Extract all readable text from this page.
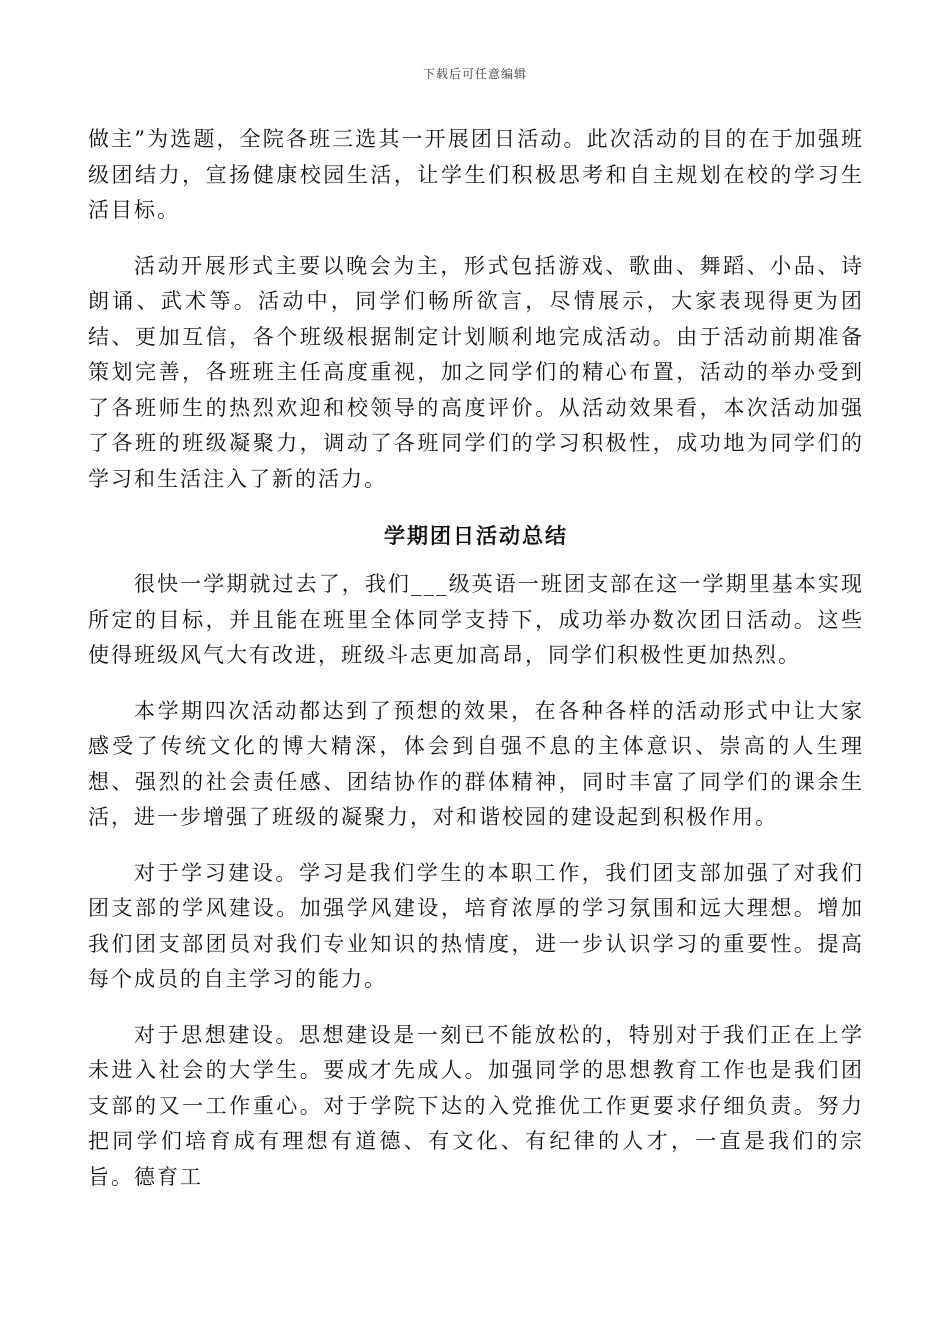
下载后可任意编辑

做主”为选题，全院各班三选其一开展团日活动。此次活动的目的在于加强班级团结力，宣扬健康校园生活，让学生们积极思考和自主规划在校的学习生活目标。

活动开展形式主要以晚会为主，形式包括游戏、歌曲、舞蹈、小品、诗朗诵、武术等。活动中，同学们畅所欲言，尽情展示，大家表现得更为团结、更加互信，各个班级根据制定计划顺利地完成活动。由于活动前期准备策划完善，各班班主任高度重视，加之同学们的精心布置，活动的举办受到了各班师生的热烈欢迎和校领导的高度评价。从活动效果看，本次活动加强了各班的班级凝聚力，调动了各班同学们的学习积极性，成功地为同学们的学习和生活注入了新的活力。

学期团日活动总结

很快一学期就过去了，我们___级英语一班团支部在这一学期里基本实现所定的目标，并且能在班里全体同学支持下，成功举办数次团日活动。这些使得班级风气大有改进，班级斗志更加高昂，同学们积极性更加热烈。

本学期四次活动都达到了预想的效果，在各种各样的活动形式中让大家感受了传统文化的博大精深，体会到自强不息的主体意识、崇高的人生理想、强烈的社会责任感、团结协作的群体精神，同时丰富了同学们的课余生活，进一步增强了班级的凝聚力，对和谐校园的建设起到积极作用。

对于学习建设。学习是我们学生的本职工作，我们团支部加强了对我们团支部的学风建设。加强学风建设，培育浓厚的学习氛围和远大理想。增加我们团支部团员对我们专业知识的热情度，进一步认识学习的重要性。提高每个成员的自主学习的能力。

对于思想建设。思想建设是一刻已不能放松的，特别对于我们正在上学未进入社会的大学生。要成才先成人。加强同学的思想教育工作也是我们团支部的又一工作重心。对于学院下达的入党推优工作更要求仔细负责。努力把同学们培育成有理想有道德、有文化、有纪律的人才，一直是我们的宗旨。德育工
